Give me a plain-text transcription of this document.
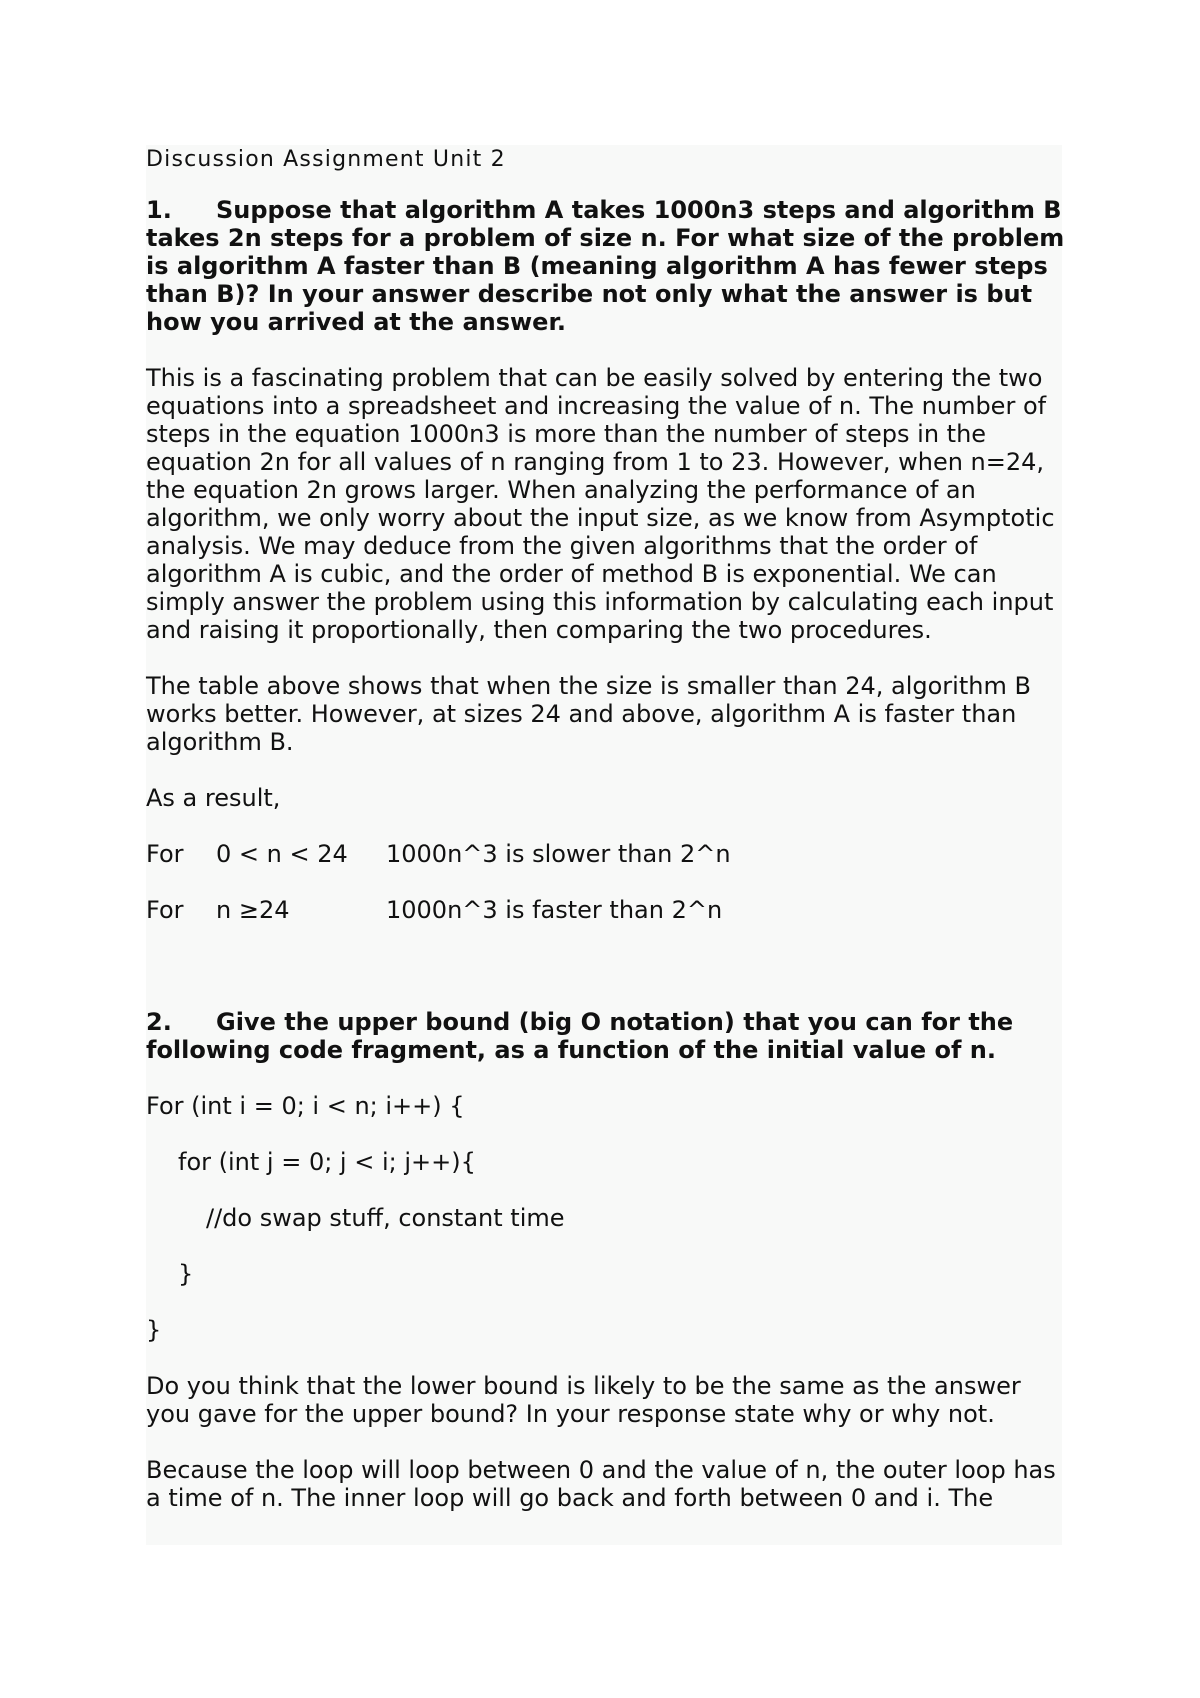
Discussion Assignment Unit 2
1. Suppose that algorithm A takes 1000n3 steps and algorithm B takes 2n steps for a problem of size n. For what size of the problem is algorithm A faster than B (meaning algorithm A has fewer steps than B)? In your answer describe not only what the answer is but how you arrived at the answer.

This is a fascinating problem that can be easily solved by entering the two equations into a spreadsheet and increasing the value of n. The number of steps in the equation 1000n3 is more than the number of steps in the equation 2n for all values of n ranging from 1 to 23. However, when n=24, the equation 2n grows larger. When analyzing the performance of an algorithm, we only worry about the input size, as we know from Asymptotic analysis. We may deduce from the given algorithms that the order of algorithm A is cubic, and the order of method B is exponential. We can simply answer the problem using this information by calculating each input and raising it proportionally, then comparing the two procedures.

The table above shows that when the size is smaller than 24, algorithm B works better. However, at sizes 24 and above, algorithm A is faster than algorithm B.

As a result,

For 0 < n < 24 1000n^3 is slower than 2^n
For n ≥24	1000n^3 is faster than 2^n
2. Give the upper bound (big O notation) that you can for the following code fragment, as a function of the initial value of n.
For (int i = 0; i < n; i++) {
for (int j = 0; j < i; j++){
//do swap stuff, constant time
}
}

Do you think that the lower bound is likely to be the same as the answer you gave for the upper bound? In your response state why or why not.

Because the loop will loop between 0 and the value of n, the outer loop has a time of n. The inner loop will go back and forth between 0 and i. The
